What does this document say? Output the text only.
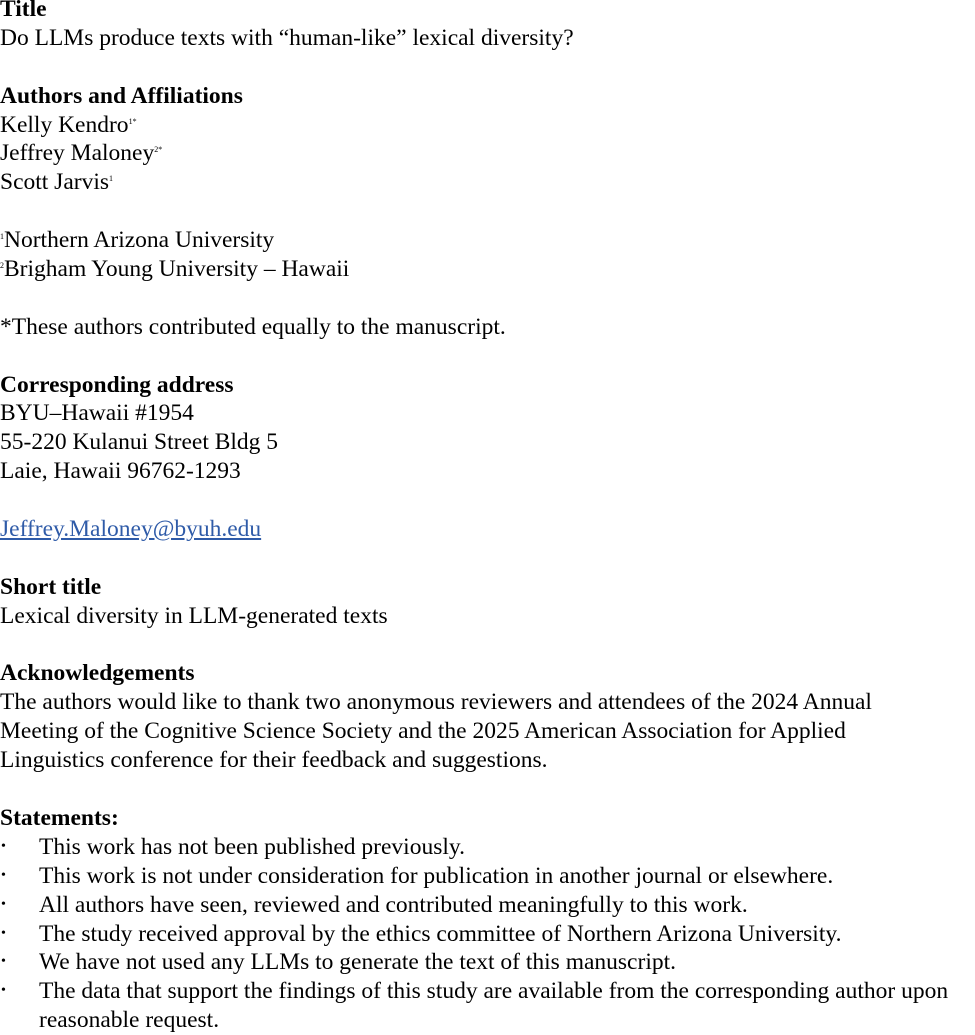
Title
Do LLMs produce texts with “human-like” lexical diversity?
Authors and Affiliations
Kelly Kendro$^{1*}$
Jeffrey Maloney$^{2*}$
Scott Jarvis$^1$
$^1$Northern Arizona University
$^2$Brigham Young University – Hawaii
*These authors contributed equally to the manuscript.
Corresponding address
BYU–Hawaii #1954
55-220 Kulanui Street Bldg 5
Laie, Hawaii 96762-1293
Jeffrey.Maloney@byuh.edu
Short title
Lexical diversity in LLM-generated texts
Acknowledgements
The authors would like to thank two anonymous reviewers and attendees of the 2024 Annual
Meeting of the Cognitive Science Society and the 2025 American Association for Applied
Linguistics conference for their feedback and suggestions.
Statements:
• This work has not been published previously.
• This work is not under consideration for publication in another journal or elsewhere.
• All authors have seen, reviewed and contributed meaningfully to this work.
• The study received approval by the ethics committee of Northern Arizona University.
• We have not used any LLMs to generate the text of this manuscript.
• The data that support the findings of this study are available from the corresponding author upon reasonable request.
